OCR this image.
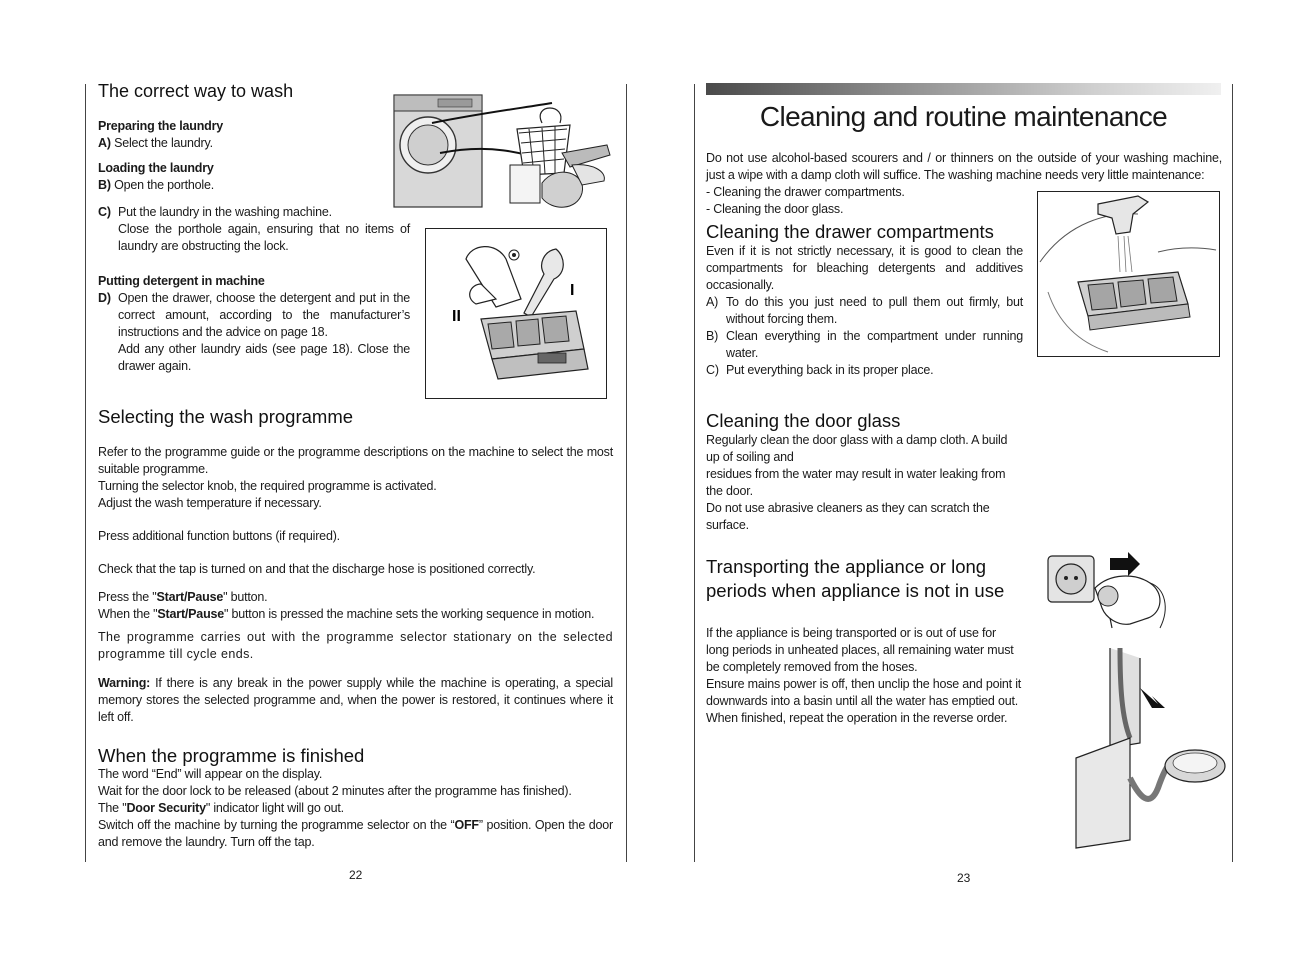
The correct way to wash
Preparing the laundry
A) Select the laundry.
Loading the laundry
B) Open the porthole.
C) Put the laundry in the washing machine.
Close the porthole again, ensuring that no items of laundry are obstructing the lock.
Putting detergent in machine
D) Open the drawer, choose the detergent and put in the correct amount, according to the manufacturer’s instructions and the advice on page 18.
Add any other laundry aids (see page 18). Close the drawer again.
Selecting the wash programme
Refer to the programme guide or the programme descriptions on the machine to select the most suitable programme.
Turning the selector knob, the required programme is activated.
Adjust the wash temperature if necessary.
Press additional function buttons (if required).
Check that the tap is turned on and that the discharge hose is positioned correctly.
Press the "Start/Pause" button.
When the "Start/Pause" button is pressed the machine sets the working sequence in motion.
The programme carries out with the programme selector stationary on the selected programme till cycle ends.
Warning: If there is any break in the power supply while the machine is operating, a special memory stores the selected programme and, when the power is restored, it continues where it left off.
When the programme is finished
The word “End” will appear on the display.
Wait for the door lock to be released (about 2 minutes after the programme has finished).
The "Door Security" indicator light will go out.
Switch off the machine by turning the programme selector on the “OFF” position. Open the door and remove the laundry. Turn off the tap.
22
II
I
Cleaning and routine maintenance
Do not use alcohol-based scourers and / or thinners on the outside of your washing machine, just a wipe with a damp cloth will suffice. The washing machine needs very little maintenance:
- Cleaning the drawer compartments.
- Cleaning the door glass.
Cleaning the drawer compartments
Even if it is not strictly necessary, it is good to clean the compartments for bleaching detergents and additives occasionally.
A) To do this you just need to pull them out firmly, but without forcing them.
B) Clean everything in the compartment under running water.
C) Put everything back in its proper place.
Cleaning the door glass
Regularly clean the door glass with a damp cloth. A build up of soiling and
residues from the water may result in water leaking from the door.
Do not use abrasive cleaners as they can scratch the surface.
Transporting the appliance or long periods when appliance is not in use
If the appliance is being transported or is out of use for long periods in unheated places, all remaining water must be completely removed from the hoses.
Ensure mains power is off, then unclip the hose and point it downwards into a basin until all the water has emptied out.
When finished, repeat the operation in the reverse order.
23
